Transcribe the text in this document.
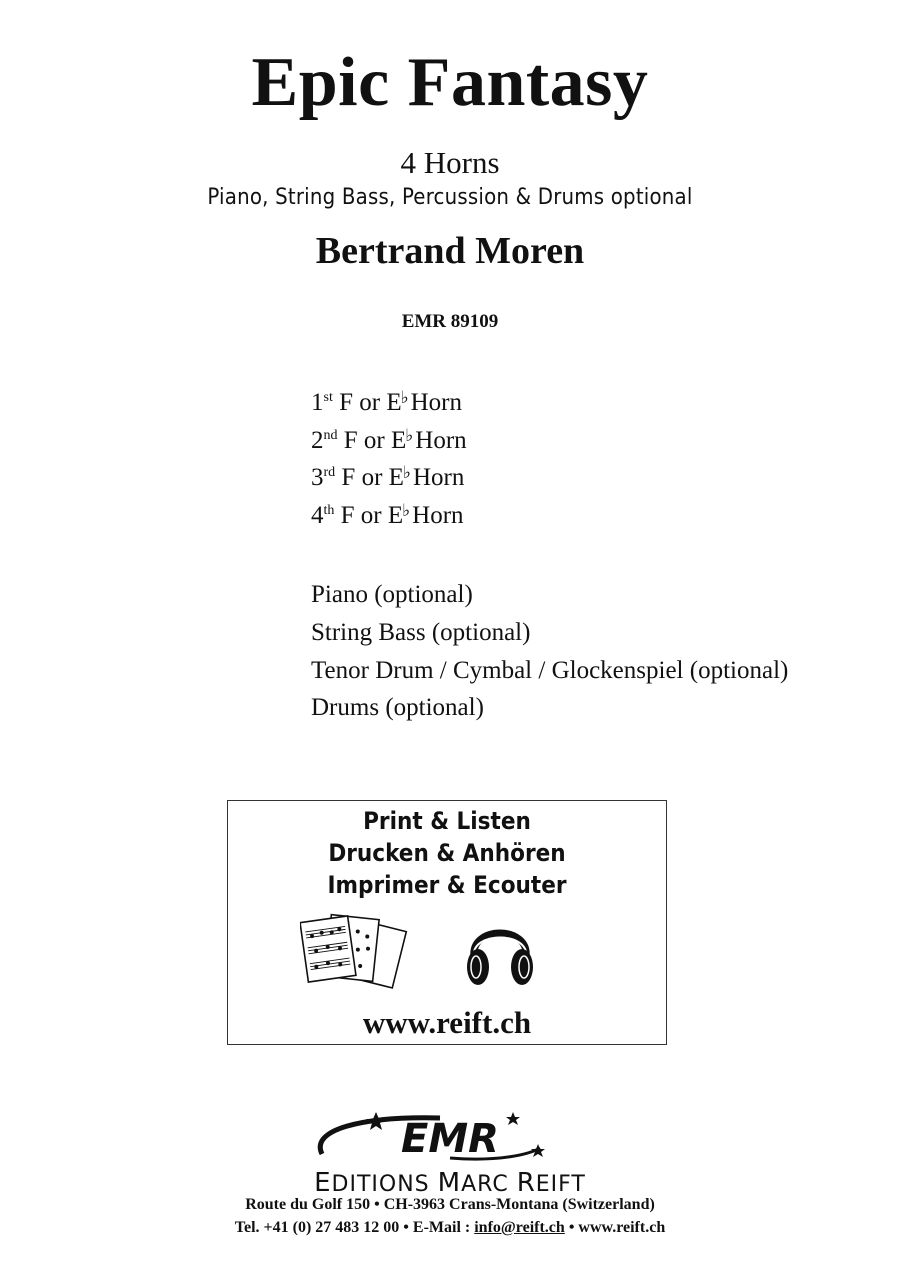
Epic Fantasy
4 Horns
Piano, String Bass, Percussion & Drums optional
Bertrand Moren
EMR 89109
1st F or E♭Horn
2nd F or E♭Horn
3rd F or E♭Horn
4th F or E♭Horn
Piano (optional)
String Bass (optional)
Tenor Drum / Cymbal / Glockenspiel (optional)
Drums (optional)
Print & Listen
Drucken & Anhören
Imprimer & Ecouter
www.reift.ch
EMR
EDITIONS MARC REIFT
Route du Golf 150 • CH-3963 Crans-Montana (Switzerland)
Tel. +41 (0) 27 483 12 00 • E-Mail : info@reift.ch • www.reift.ch
